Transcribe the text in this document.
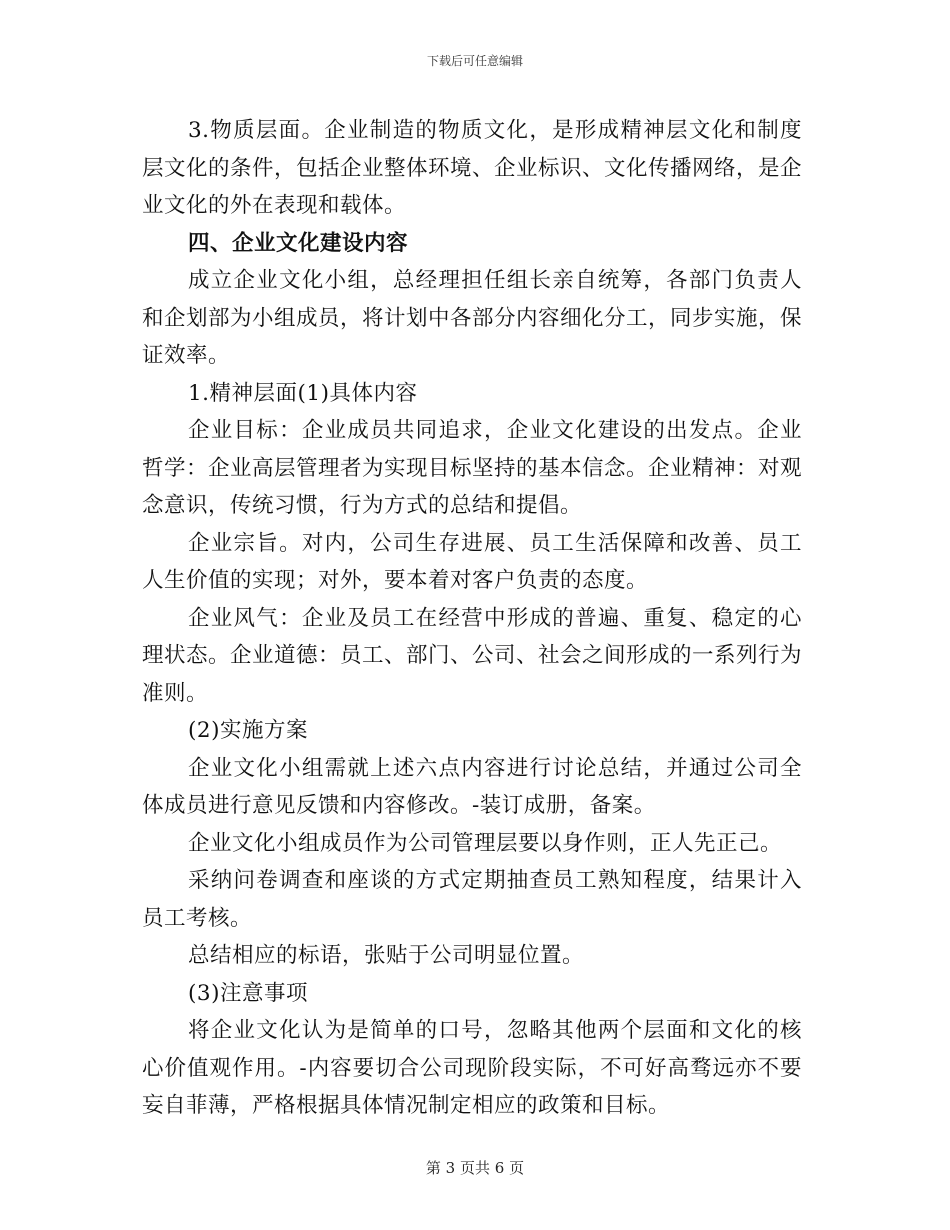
下载后可任意编辑

3.物质层面。企业制造的物质文化，是形成精神层文化和制度层文化的条件，包括企业整体环境、企业标识、文化传播网络，是企业文化的外在表现和载体。

四、企业文化建设内容

成立企业文化小组，总经理担任组长亲自统筹，各部门负责人和企划部为小组成员，将计划中各部分内容细化分工，同步实施，保证效率。

1.精神层面(1)具体内容

企业目标：企业成员共同追求，企业文化建设的出发点。企业哲学：企业高层管理者为实现目标坚持的基本信念。企业精神：对观念意识，传统习惯，行为方式的总结和提倡。

企业宗旨。对内，公司生存进展、员工生活保障和改善、员工人生价值的实现；对外，要本着对客户负责的态度。

企业风气：企业及员工在经营中形成的普遍、重复、稳定的心理状态。企业道德：员工、部门、公司、社会之间形成的一系列行为准则。

(2)实施方案

企业文化小组需就上述六点内容进行讨论总结，并通过公司全体成员进行意见反馈和内容修改。-装订成册，备案。

企业文化小组成员作为公司管理层要以身作则，正人先正己。

采纳问卷调查和座谈的方式定期抽查员工熟知程度，结果计入员工考核。

总结相应的标语，张贴于公司明显位置。

(3)注意事项

将企业文化认为是简单的口号，忽略其他两个层面和文化的核心价值观作用。-内容要切合公司现阶段实际，不可好高骛远亦不要妄自菲薄，严格根据具体情况制定相应的政策和目标。

第 3 页共 6 页
